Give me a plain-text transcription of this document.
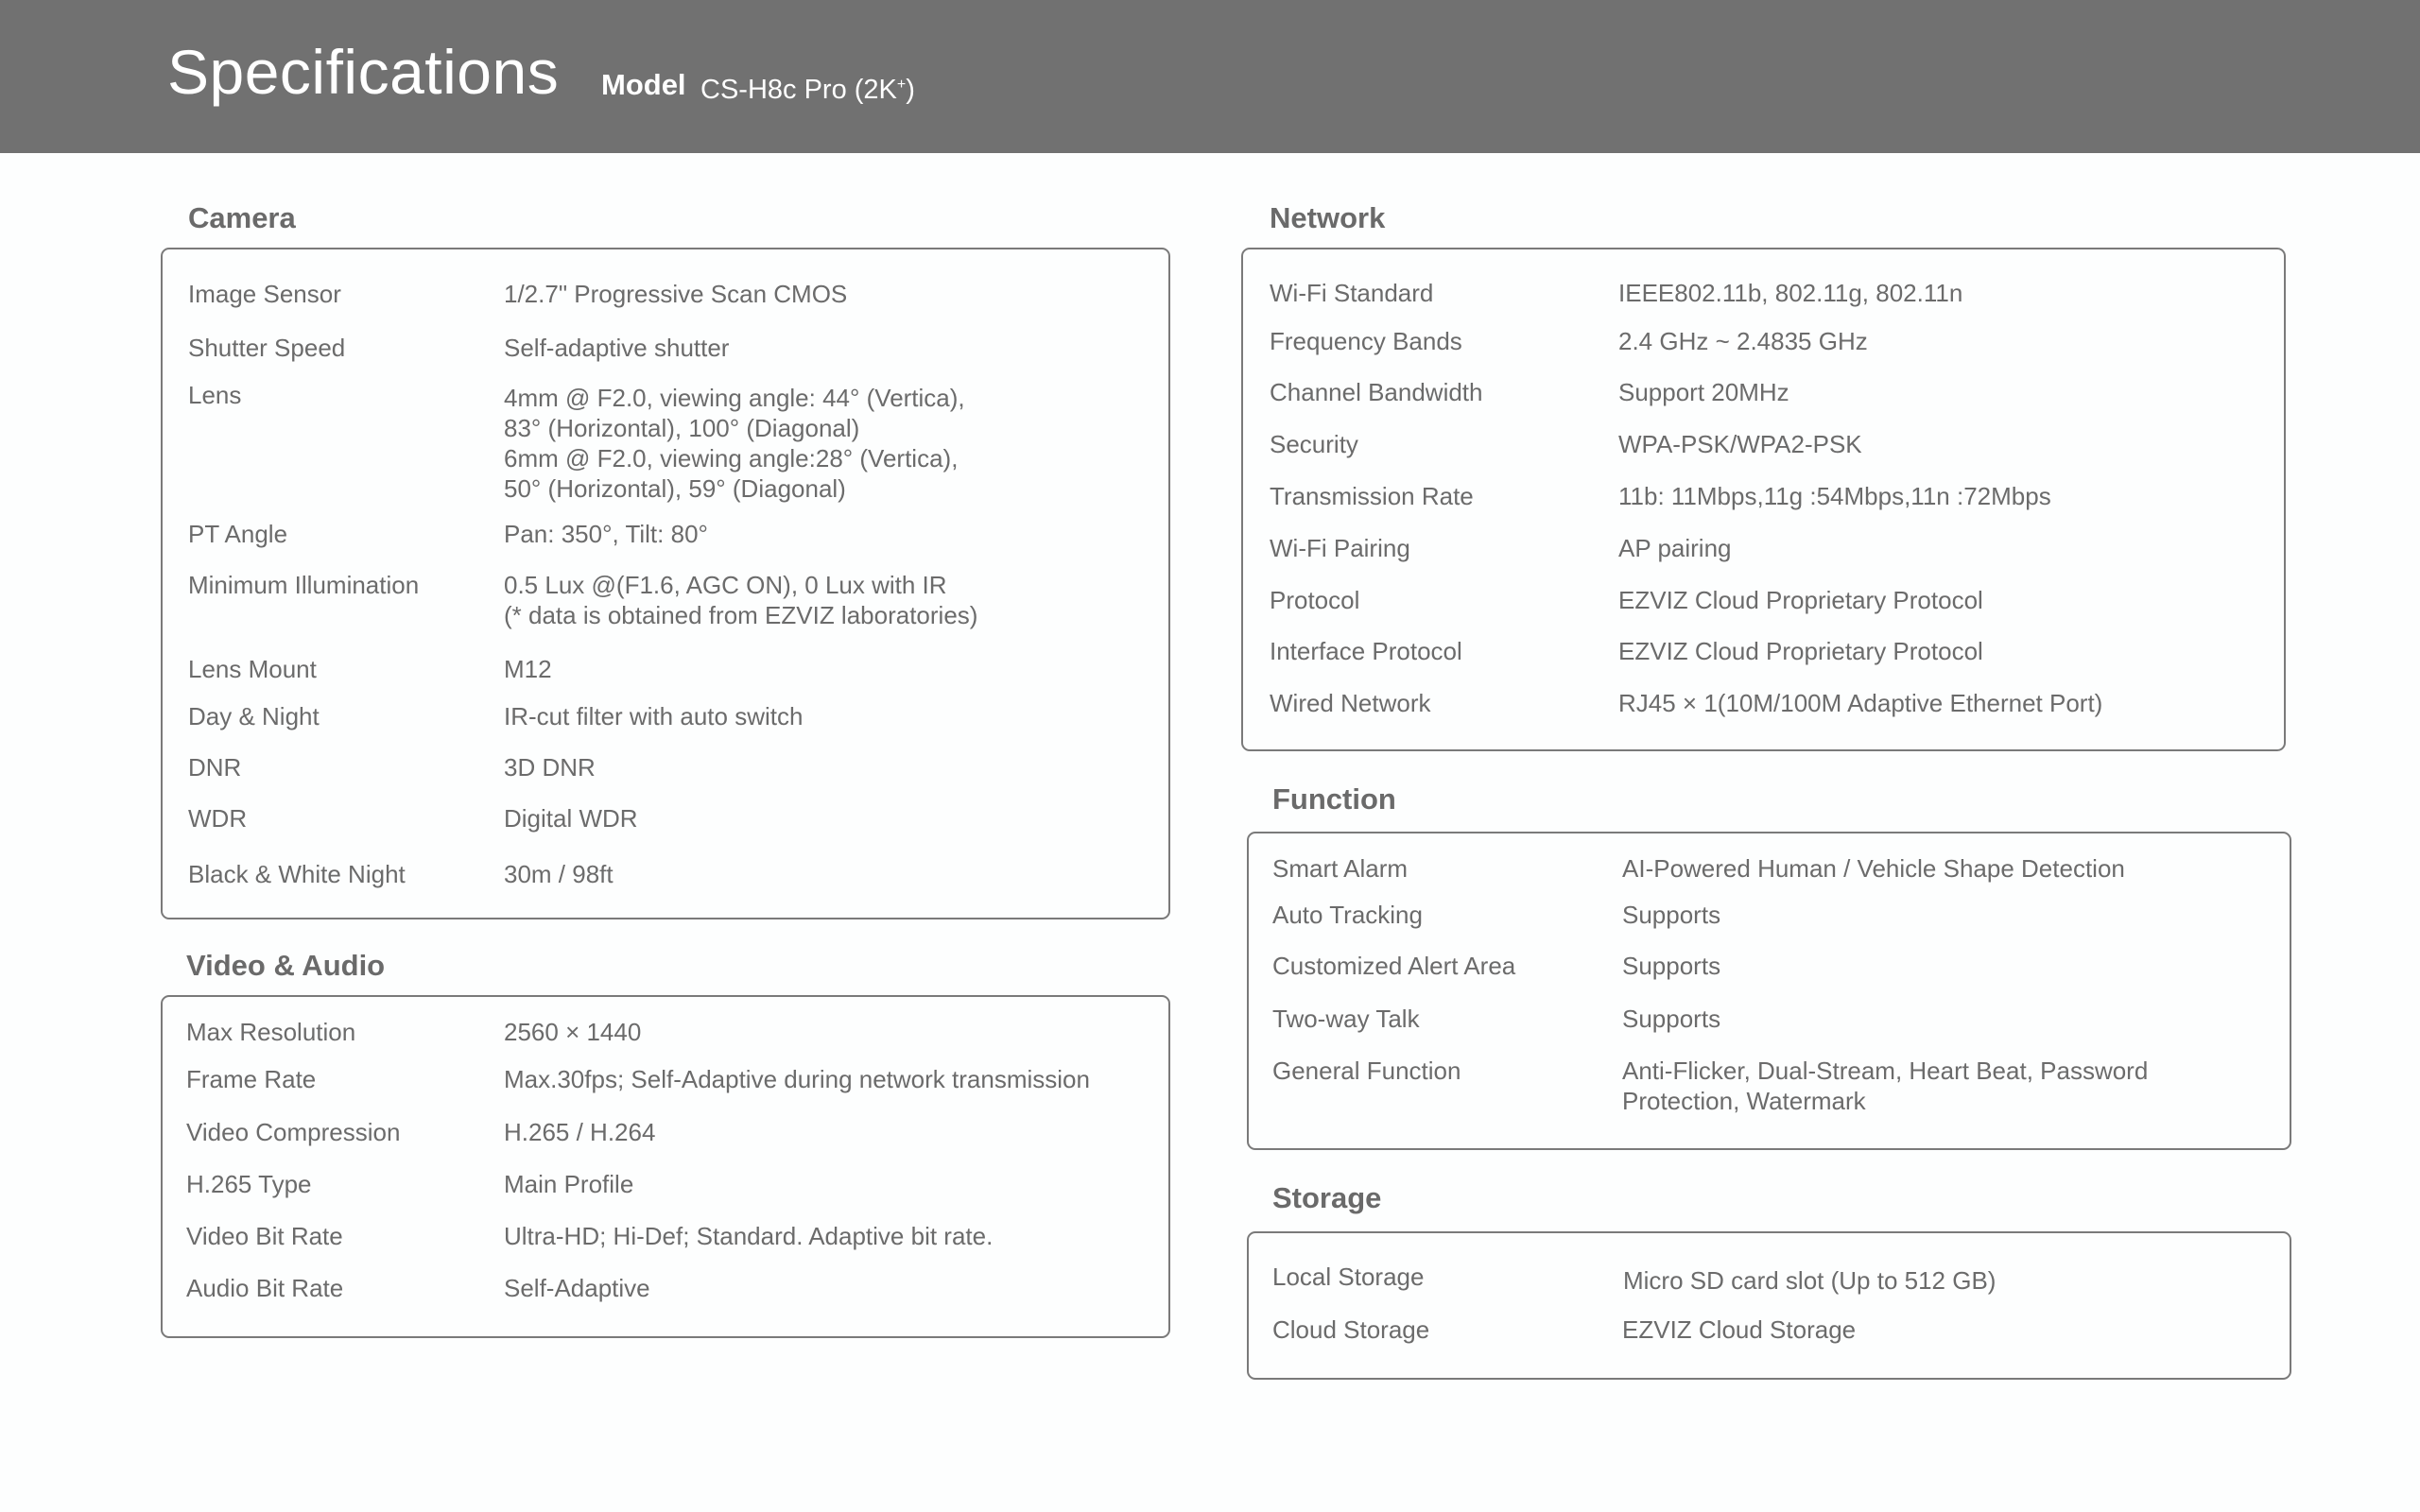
Specifications Model CS-H8c Pro (2K+)
Camera
Image Sensor	1/2.7" Progressive Scan CMOS
Shutter Speed	Self-adaptive shutter
Lens	4mm @ F2.0, viewing angle: 44° (Vertica),
83° (Horizontal), 100° (Diagonal)
6mm @ F2.0, viewing angle:28° (Vertica),
50° (Horizontal), 59° (Diagonal)
PT Angle	Pan: 350°, Tilt: 80°
Minimum Illumination	0.5 Lux @(F1.6, AGC ON), 0 Lux with IR
(* data is obtained from EZVIZ laboratories)
Lens Mount	M12
Day & Night	IR-cut filter with auto switch
DNR	3D DNR
WDR	Digital WDR
Black & White Night	30m / 98ft
Video & Audio
Max Resolution	2560 × 1440
Frame Rate	Max.30fps; Self-Adaptive during network transmission
Video Compression	H.265 / H.264
H.265 Type	Main Profile
Video Bit Rate	Ultra-HD; Hi-Def; Standard. Adaptive bit rate.
Audio Bit Rate	Self-Adaptive
Network
Wi-Fi Standard	IEEE802.11b, 802.11g, 802.11n
Frequency Bands	2.4 GHz ~ 2.4835 GHz
Channel Bandwidth	Support 20MHz
Security	WPA-PSK/WPA2-PSK
Transmission Rate	11b: 11Mbps,11g :54Mbps,11n :72Mbps
Wi-Fi Pairing	AP pairing
Protocol	EZVIZ Cloud Proprietary Protocol
Interface Protocol	EZVIZ Cloud Proprietary Protocol
Wired Network	RJ45 × 1(10M/100M Adaptive Ethernet Port)
Function
Smart Alarm	AI-Powered Human / Vehicle Shape Detection
Auto Tracking	Supports
Customized Alert Area	Supports
Two-way Talk	Supports
General Function	Anti-Flicker, Dual-Stream, Heart Beat, Password
Protection, Watermark
Storage
Local Storage	Micro SD card slot (Up to 512 GB)
Cloud Storage	EZVIZ Cloud Storage
